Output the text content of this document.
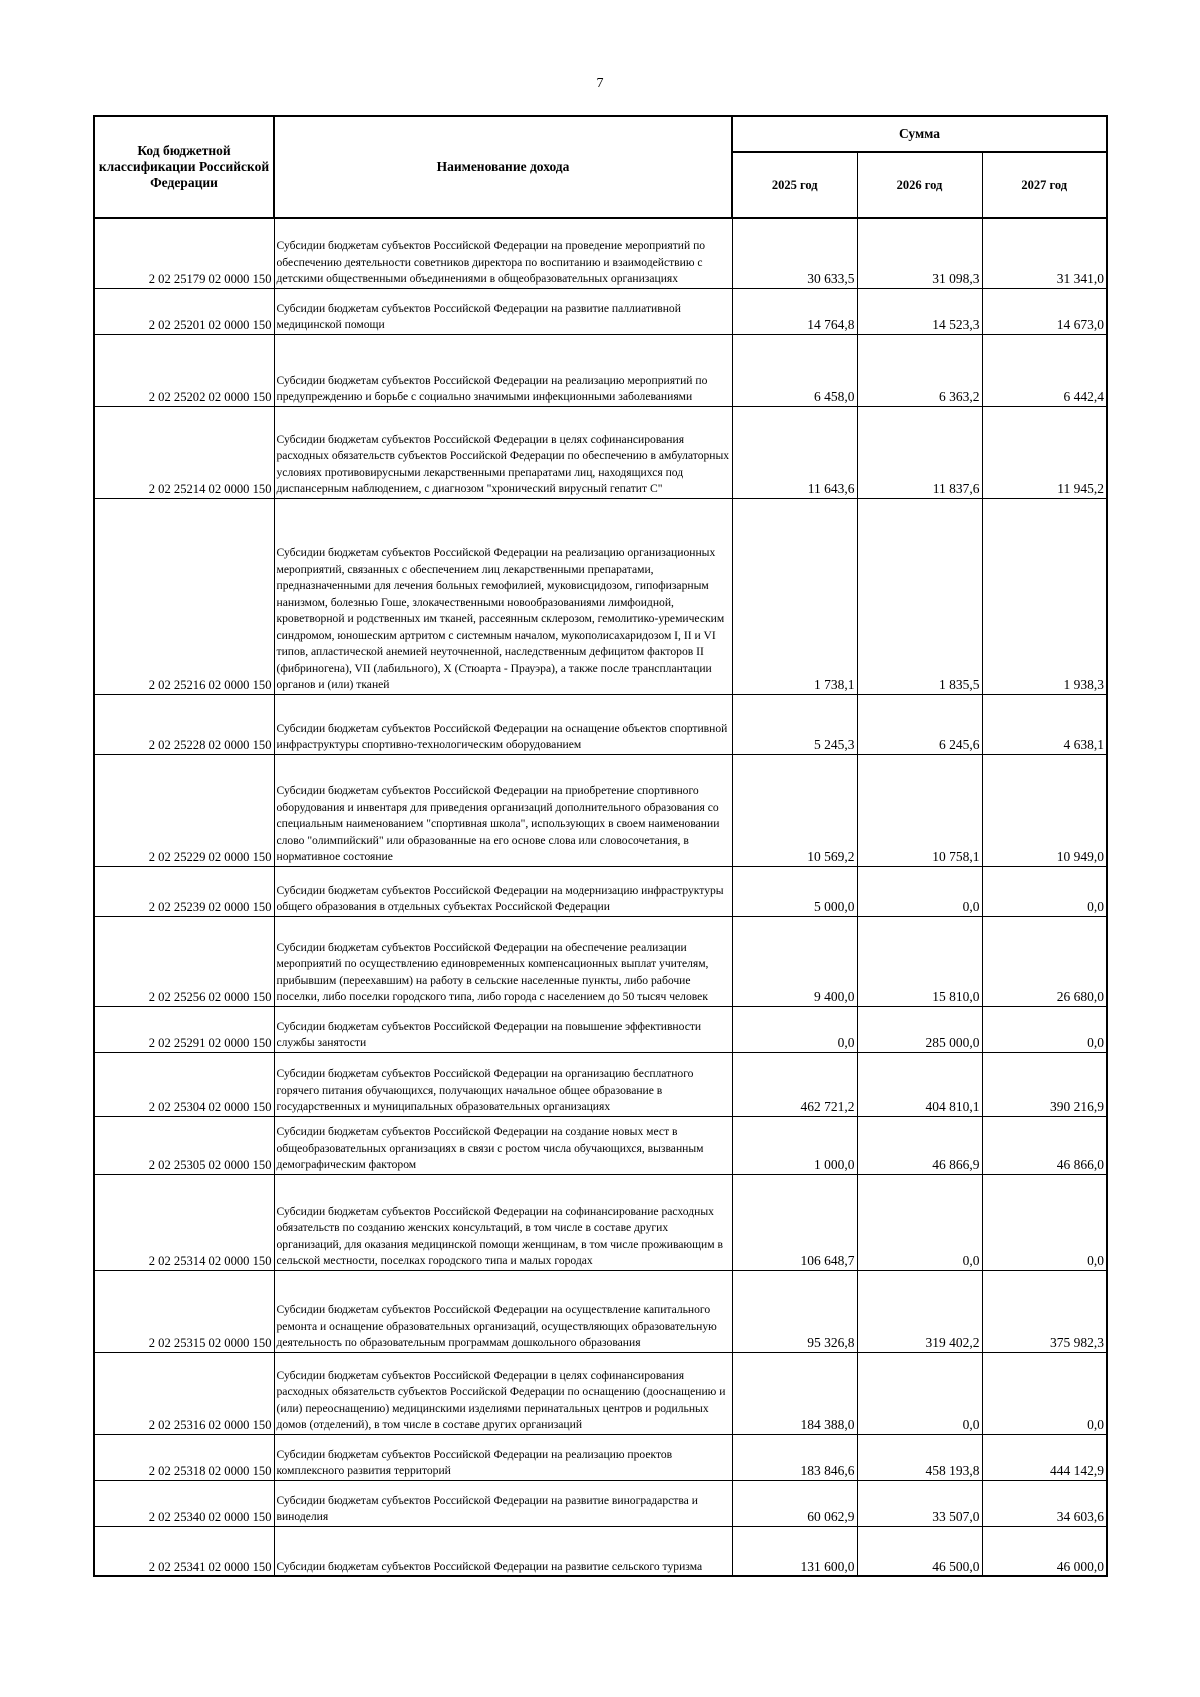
7
Код бюджетной классификации Российской Федерации	Наименование дохода	Сумма		
		2025 год	2026 год	2027 год
2 02 25179 02 0000 150	Субсидии бюджетам субъектов Российской Федерации на проведение мероприятий по обеспечению деятельности советников директора по воспитанию и взаимодействию с детскими общественными объединениями в общеобразовательных организациях	30 633,5	31 098,3	31 341,0
2 02 25201 02 0000 150	Субсидии бюджетам субъектов Российской Федерации на развитие паллиативной медицинской помощи	14 764,8	14 523,3	14 673,0
2 02 25202 02 0000 150	Субсидии бюджетам субъектов Российской Федерации на реализацию мероприятий по предупреждению и борьбе с социально значимыми инфекционными заболеваниями	6 458,0	6 363,2	6 442,4
2 02 25214 02 0000 150	Субсидии бюджетам субъектов Российской Федерации в целях софинансирования расходных обязательств субъектов Российской Федерации по обеспечению в амбулаторных условиях противовирусными лекарственными препаратами лиц, находящихся под диспансерным наблюдением, с диагнозом "хронический вирусный гепатит С"	11 643,6	11 837,6	11 945,2
2 02 25216 02 0000 150	Субсидии бюджетам субъектов Российской Федерации на реализацию организационных мероприятий, связанных с обеспечением лиц лекарственными препаратами, предназначенными для лечения больных гемофилией, муковисцидозом, гипофизарным нанизмом, болезнью Гоше, злокачественными новообразованиями лимфоидной, кроветворной и родственных им тканей, рассеянным склерозом, гемолитико-уремическим синдромом, юношеским артритом с системным началом, мукополисахаридозом I, II и VI типов, апластической анемией неуточненной, наследственным дефицитом факторов II (фибриногена), VII (лабильного), X (Стюарта - Прауэра), а также после трансплантации органов и (или) тканей	1 738,1	1 835,5	1 938,3
2 02 25228 02 0000 150	Субсидии бюджетам субъектов Российской Федерации на оснащение объектов спортивной инфраструктуры спортивно-технологическим оборудованием	5 245,3	6 245,6	4 638,1
2 02 25229 02 0000 150	Субсидии бюджетам субъектов Российской Федерации на приобретение спортивного оборудования и инвентаря для приведения организаций дополнительного образования со специальным наименованием "спортивная школа", использующих в своем наименовании слово "олимпийский" или образованные на его основе слова или словосочетания, в нормативное состояние	10 569,2	10 758,1	10 949,0
2 02 25239 02 0000 150	Субсидии бюджетам субъектов Российской Федерации на модернизацию инфраструктуры общего образования в отдельных субъектах Российской Федерации	5 000,0	0,0	0,0
2 02 25256 02 0000 150	Субсидии бюджетам субъектов Российской Федерации на обеспечение реализации мероприятий по осуществлению единовременных компенсационных выплат учителям, прибывшим (переехавшим) на работу в сельские населенные пункты, либо рабочие поселки, либо поселки городского типа, либо города с населением до 50 тысяч человек	9 400,0	15 810,0	26 680,0
2 02 25291 02 0000 150	Субсидии бюджетам субъектов Российской Федерации на повышение эффективности службы занятости	0,0	285 000,0	0,0
2 02 25304 02 0000 150	Субсидии бюджетам субъектов Российской Федерации на организацию бесплатного горячего питания обучающихся, получающих начальное общее образование в государственных и муниципальных образовательных организациях	462 721,2	404 810,1	390 216,9
2 02 25305 02 0000 150	Субсидии бюджетам субъектов Российской Федерации на создание новых мест в общеобразовательных организациях в связи с ростом числа обучающихся, вызванным демографическим фактором	1 000,0	46 866,9	46 866,0
2 02 25314 02 0000 150	Субсидии бюджетам субъектов Российской Федерации на софинансирование расходных обязательств по созданию женских консультаций, в том числе в составе других организаций, для оказания медицинской помощи женщинам, в том числе проживающим в сельской местности, поселках городского типа и малых городах	106 648,7	0,0	0,0
2 02 25315 02 0000 150	Субсидии бюджетам субъектов Российской Федерации на осуществление капитального ремонта и оснащение образовательных организаций, осуществляющих образовательную деятельность по образовательным программам дошкольного образования	95 326,8	319 402,2	375 982,3
2 02 25316 02 0000 150	Субсидии бюджетам субъектов Российской Федерации в целях софинансирования расходных обязательств субъектов Российской Федерации по оснащению (дооснащению и (или) переоснащению) медицинскими изделиями перинатальных центров и родильных домов (отделений), в том числе в составе других организаций	184 388,0	0,0	0,0
2 02 25318 02 0000 150	Субсидии бюджетам субъектов Российской Федерации на реализацию проектов комплексного развития территорий	183 846,6	458 193,8	444 142,9
2 02 25340 02 0000 150	Субсидии бюджетам субъектов Российской Федерации на развитие виноградарства и виноделия	60 062,9	33 507,0	34 603,6
2 02 25341 02 0000 150	Субсидии бюджетам субъектов Российской Федерации на развитие сельского туризма	131 600,0	46 500,0	46 000,0
